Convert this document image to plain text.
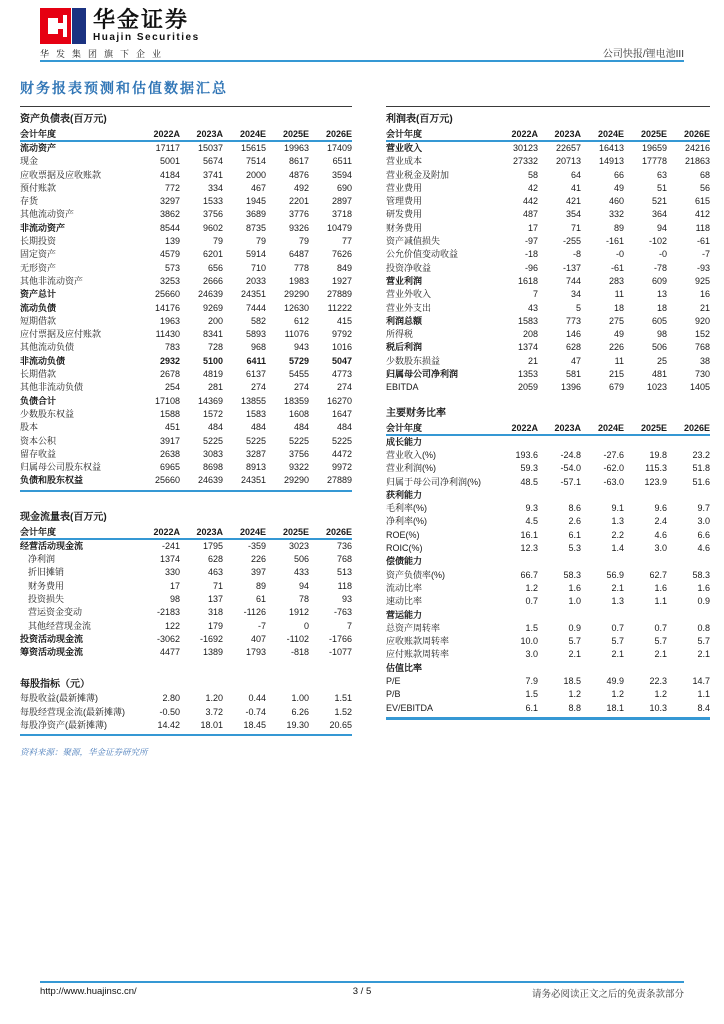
华金证券
Huajin Securities
华发集团旗下企业	公司快报/锂电池III
财务报表预测和估值数据汇总
资产负债表(百万元)
会计年度	2022A	2023A	2024E	2025E	2026E
流动资产	17117	15037	15615	19963	17409
现金	5001	5674	7514	8617	6511
应收票据及应收账款	4184	3741	2000	4876	3594
预付账款	772	334	467	492	690
存货	3297	1533	1945	2201	2897
其他流动资产	3862	3756	3689	3776	3718
非流动资产	8544	9602	8735	9326	10479
长期投资	139	79	79	79	77
固定资产	4579	6201	5914	6487	7626
无形资产	573	656	710	778	849
其他非流动资产	3253	2666	2033	1983	1927
资产总计	25660	24639	24351	29290	27889
流动负债	14176	9269	7444	12630	11222
短期借款	1963	200	582	612	415
应付票据及应付账款	11430	8341	5893	11076	9792
其他流动负债	783	728	968	943	1016
非流动负债	2932	5100	6411	5729	5047
长期借款	2678	4819	6137	5455	4773
其他非流动负债	254	281	274	274	274
负债合计	17108	14369	13855	18359	16270
少数股东权益	1588	1572	1583	1608	1647
股本	451	484	484	484	484
资本公积	3917	5225	5225	5225	5225
留存收益	2638	3083	3287	3756	4472
归属母公司股东权益	6965	8698	8913	9322	9972
负债和股东权益	25660	24639	24351	29290	27889
现金流量表(百万元)
会计年度	2022A	2023A	2024E	2025E	2026E
经营活动现金流	-241	1795	-359	3023	736
净利润	1374	628	226	506	768
折旧摊销	330	463	397	433	513
财务费用	17	71	89	94	118
投资损失	98	137	61	78	93
营运资金变动	-2183	318	-1126	1912	-763
其他经营现金流	122	179	-7	0	7
投资活动现金流	-3062	-1692	407	-1102	-1766
筹资活动现金流	4477	1389	1793	-818	-1077
每股指标（元）
每股收益(最新摊薄)	2.80	1.20	0.44	1.00	1.51
每股经营现金流(最新摊薄)	-0.50	3.72	-0.74	6.26	1.52
每股净资产(最新摊薄)	14.42	18.01	18.45	19.30	20.65
资料来源：聚源，华金证券研究所
利润表(百万元)
会计年度	2022A	2023A	2024E	2025E	2026E
营业收入	30123	22657	16413	19659	24216
营业成本	27332	20713	14913	17778	21863
营业税金及附加	58	64	66	63	68
营业费用	42	41	49	51	56
管理费用	442	421	460	521	615
研发费用	487	354	332	364	412
财务费用	17	71	89	94	118
资产减值损失	-97	-255	-161	-102	-61
公允价值变动收益	-18	-8	-0	-0	-7
投资净收益	-96	-137	-61	-78	-93
营业利润	1618	744	283	609	925
营业外收入	7	34	11	13	16
营业外支出	43	5	18	18	21
利润总额	1583	773	275	605	920
所得税	208	146	49	98	152
税后利润	1374	628	226	506	768
少数股东损益	21	47	11	25	38
归属母公司净利润	1353	581	215	481	730
EBITDA	2059	1396	679	1023	1405
主要财务比率
会计年度	2022A	2023A	2024E	2025E	2026E
成长能力
营业收入(%)	193.6	-24.8	-27.6	19.8	23.2
营业利润(%)	59.3	-54.0	-62.0	115.3	51.8
归属于母公司净利润(%)	48.5	-57.1	-63.0	123.9	51.6
获利能力
毛利率(%)	9.3	8.6	9.1	9.6	9.7
净利率(%)	4.5	2.6	1.3	2.4	3.0
ROE(%)	16.1	6.1	2.2	4.6	6.6
ROIC(%)	12.3	5.3	1.4	3.0	4.6
偿债能力
资产负债率(%)	66.7	58.3	56.9	62.7	58.3
流动比率	1.2	1.6	2.1	1.6	1.6
速动比率	0.7	1.0	1.3	1.1	0.9
营运能力
总资产周转率	1.5	0.9	0.7	0.7	0.8
应收账款周转率	10.0	5.7	5.7	5.7	5.7
应付账款周转率	3.0	2.1	2.1	2.1	2.1
估值比率
P/E	7.9	18.5	49.9	22.3	14.7
P/B	1.5	1.2	1.2	1.2	1.1
EV/EBITDA	6.1	8.8	18.1	10.3	8.4
http://www.huajinsc.cn/	3 / 5	请务必阅读正文之后的免责条款部分
